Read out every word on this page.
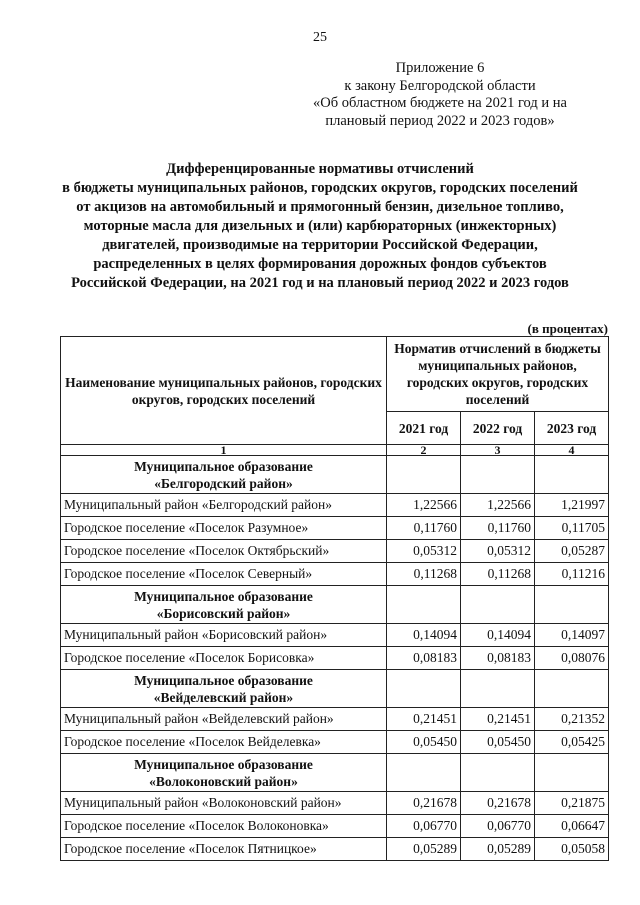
25
Приложение 6
к закону Белгородской области
«Об областном бюджете на 2021 год и на
плановый период 2022 и 2023 годов»
Дифференцированные нормативы отчислений
в бюджеты муниципальных районов, городских округов, городских поселений
от акцизов на автомобильный и прямогонный бензин, дизельное топливо,
моторные масла для дизельных и (или) карбюраторных (инжекторных)
двигателей, производимые на территории Российской Федерации,
распределенных в целях формирования дорожных фондов субъектов
Российской Федерации, на 2021 год и на плановый период 2022 и 2023 годов
(в процентах)
Наименование муниципальных районов, городских округов, городских поселений	Норматив отчислений в бюджеты муниципальных районов, городских округов, городских поселений		
	2021 год	2022 год	2023 год
1	2	3	4

Муниципальное образование
«Белгородский район»			

Муниципальный район «Белгородский район»	1,22566	1,22566	1,21997
Городское поселение «Поселок Разумное»	0,11760	0,11760	0,11705
Городское поселение «Поселок Октябрьский»	0,05312	0,05312	0,05287
Городское поселение «Поселок Северный»	0,11268	0,11268	0,11216

Муниципальное образование
«Борисовский район»			

Муниципальный район «Борисовский район»	0,14094	0,14094	0,14097
Городское поселение «Поселок Борисовка»	0,08183	0,08183	0,08076

Муниципальное образование
«Вейделевский район»			

Муниципальный район «Вейделевский район»	0,21451	0,21451	0,21352
Городское поселение «Поселок Вейделевка»	0,05450	0,05450	0,05425

Муниципальное образование
«Волоконовский район»			

Муниципальный район «Волоконовский район»	0,21678	0,21678	0,21875
Городское поселение «Поселок Волоконовка»	0,06770	0,06770	0,06647
Городское поселение «Поселок Пятницкое»	0,05289	0,05289	0,05058
